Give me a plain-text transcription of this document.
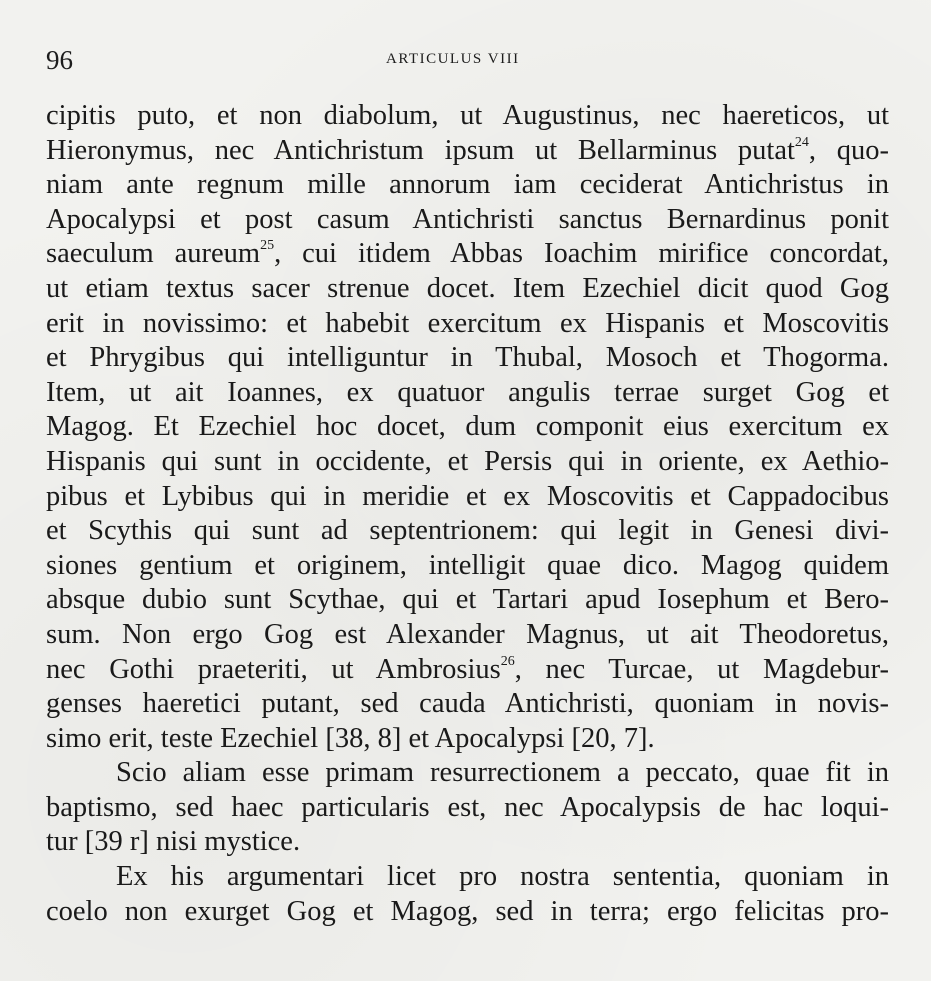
96	ARTICULUS VIII
cipitis puto, et non diabolum, ut Augustinus, nec haereticos, ut
Hieronymus, nec Antichristum ipsum ut Bellarminus putat$^{24}$, quo-
niam ante regnum mille annorum iam ceciderat Antichristus in
Apocalypsi et post casum Antichristi sanctus Bernardinus ponit
saeculum aureum$^{25}$, cui itidem Abbas Ioachim mirifice concordat,
ut etiam textus sacer strenue docet. Item Ezechiel dicit quod Gog
erit in novissimo: et habebit exercitum ex Hispanis et Moscovitis
et Phrygibus qui intelliguntur in Thubal, Mosoch et Thogorma.
Item, ut ait Ioannes, ex quatuor angulis terrae surget Gog et
Magog. Et Ezechiel hoc docet, dum componit eius exercitum ex
Hispanis qui sunt in occidente, et Persis qui in oriente, ex Aethio-
pibus et Lybibus qui in meridie et ex Moscovitis et Cappadocibus
et Scythis qui sunt ad septentrionem: qui legit in Genesi divi-
siones gentium et originem, intelligit quae dico. Magog quidem
absque dubio sunt Scythae, qui et Tartari apud Iosephum et Bero-
sum. Non ergo Gog est Alexander Magnus, ut ait Theodoretus,
nec Gothi praeteriti, ut Ambrosius$^{26}$, nec Turcae, ut Magdebur-
genses haeretici putant, sed cauda Antichristi, quoniam in novis-
simo erit, teste Ezechiel [38, 8] et Apocalypsi [20, 7].
Scio aliam esse primam resurrectionem a peccato, quae fit in
baptismo, sed haec particularis est, nec Apocalypsis de hac loqui-
tur [39 r] nisi mystice.
Ex his argumentari licet pro nostra sententia, quoniam in
coelo non exurget Gog et Magog, sed in terra; ergo felicitas pro-
